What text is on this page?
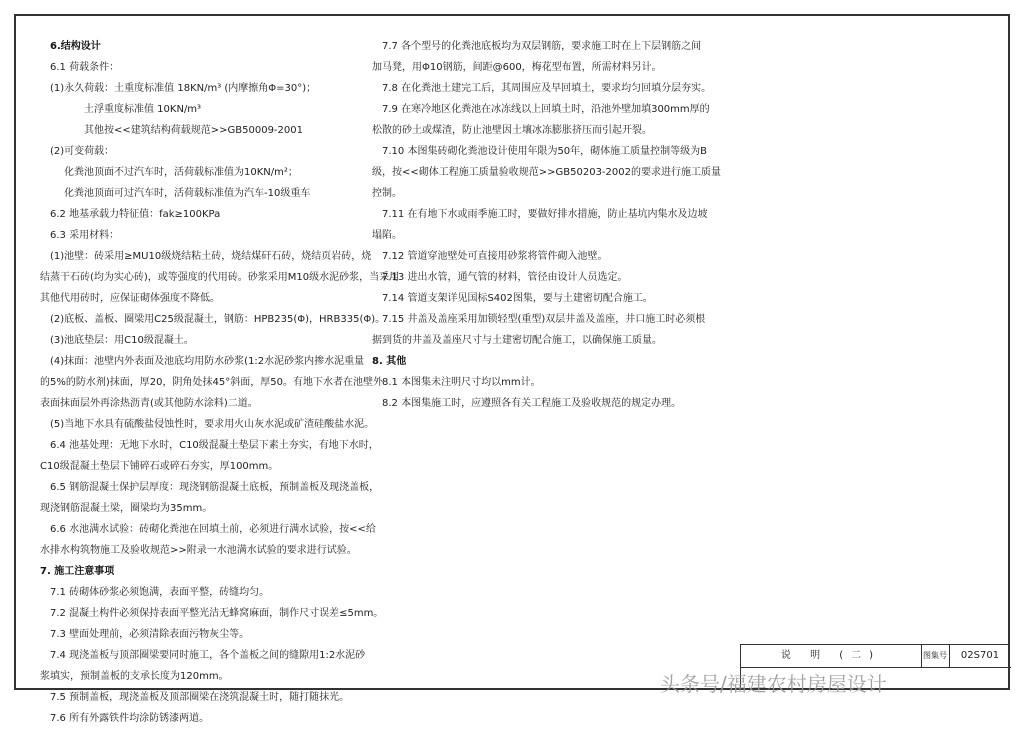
6.结构设计
6.1 荷载条件：
(1)永久荷载：土重度标准值 18KN/m³ (内摩擦角Φ=30°)；
土浮重度标准值 10KN/m³
其他按<<建筑结构荷载规范>>GB50009-2001
(2)可变荷载：
化粪池顶面不过汽车时，活荷载标准值为10KN/m²；
化粪池顶面可过汽车时，活荷载标准值为汽车-10级重车
6.2 地基承载力特征值：fak≥100KPa
6.3 采用材料：
(1)池壁：砖采用≥MU10级烧结粘土砖，烧结煤矸石砖，烧结页岩砖，烧
结蒸干石砖(均为实心砖)，或等强度的代用砖。砂浆采用M10级水泥砂浆，当采用
其他代用砖时，应保证砌体强度不降低。
(2)底板、盖板、圈梁用C25级混凝土，钢筋：HPB235(Φ)，HRB335(Φ)。
(3)池底垫层：用C10级混凝土。
(4)抹面：池壁内外表面及池底均用防水砂浆(1:2水泥砂浆内掺水泥重量
的5%的防水剂)抹面，厚20，阴角处抹45°斜面，厚50。有地下水者在池壁外
表面抹面层外再涂热沥青(或其他防水涂料)二道。
(5)当地下水具有硫酸盐侵蚀性时，要求用火山灰水泥或矿渣硅酸盐水泥。
6.4 池基处理：无地下水时，C10级混凝土垫层下素土夯实，有地下水时，
C10级混凝土垫层下铺碎石或碎石夯实，厚100mm。
6.5 钢筋混凝土保护层厚度：现浇钢筋混凝土底板，预制盖板及现浇盖板，
现浇钢筋混凝土梁，圈梁均为35mm。
6.6 水池满水试验：砖砌化粪池在回填土前，必须进行满水试验，按<<给
水排水构筑物施工及验收规范>>附录一水池满水试验的要求进行试验。
7. 施工注意事项
7.1 砖砌体砂浆必须饱满，表面平整，砖缝均匀。
7.2 混凝土构件必须保持表面平整光洁无蜂窝麻面，制作尺寸误差≤5mm。
7.3 壁面处理前，必须清除表面污物灰尘等。
7.4 现浇盖板与顶部圈梁要同时施工，各个盖板之间的缝隙用1:2水泥砂
浆填实，预制盖板的支承长度为120mm。
7.5 预制盖板，现浇盖板及顶部圈梁在浇筑混凝土时，随打随抹光。
7.6 所有外露铁件均涂防锈漆两道。
7.7 各个型号的化粪池底板均为双层钢筋，要求施工时在上下层钢筋之间
加马凳，用Φ10钢筋，间距@600，梅花型布置，所需材料另计。
7.8 在化粪池土建完工后，其周围应及早回填土，要求均匀回填分层夯实。
7.9 在寒冷地区化粪池在冰冻线以上回填土时，沿池外壁加填300mm厚的
松散的砂土或煤渣，防止池壁因土壤冰冻膨胀挤压而引起开裂。
7.10 本图集砖砌化粪池设计使用年限为50年，砌体施工质量控制等级为B
级，按<<砌体工程施工质量验收规范>>GB50203-2002的要求进行施工质量
控制。
7.11 在有地下水或雨季施工时，要做好排水措施，防止基坑内集水及边坡
塌陷。
7.12 管道穿池壁处可直接用砂浆将管件砌入池壁。
7.13 进出水管，通气管的材料，管径由设计人员选定。
7.14 管道支架详见国标S402图集，要与土建密切配合施工。
7.15 井盖及盖座采用加锁轻型(重型)双层井盖及盖座，井口施工时必须根
据到货的井盖及盖座尺寸与土建密切配合施工，以确保施工质量。
8. 其他
8.1 本图集未注明尺寸均以mm计。
8.2 本图集施工时，应遵照各有关工程施工及验收规范的规定办理。
说 明 (二)	图集号	02S701
头条号/福建农村房屋设计
